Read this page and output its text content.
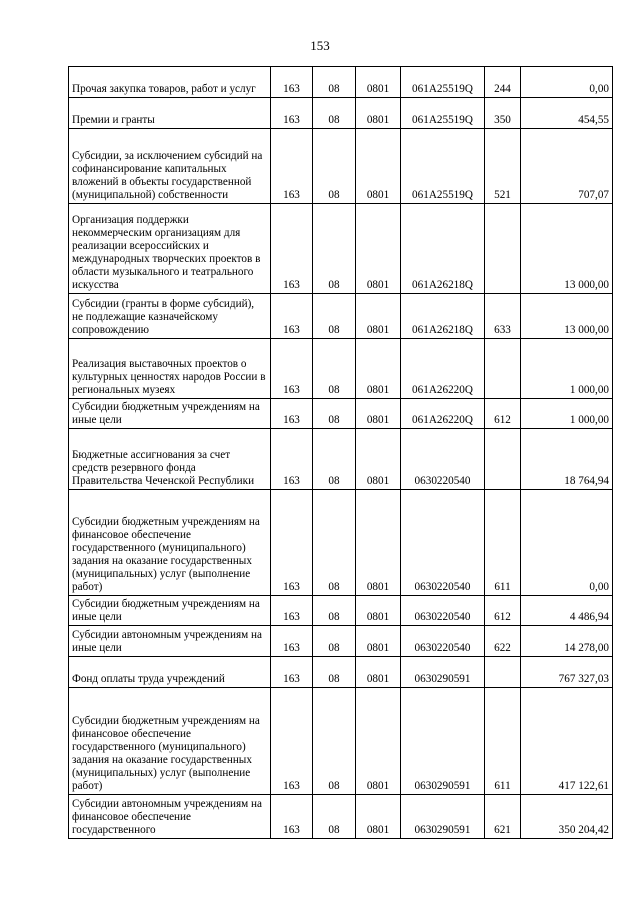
153
Прочая закупка товаров, работ и услуг	163	08	0801	061A25519Q	244	0,00
Премии и гранты	163	08	0801	061A25519Q	350	454,55
Субсидии, за исключением субсидий на софинансирование капитальных вложений в объекты государственной (муниципальной) собственности	163	08	0801	061A25519Q	521	707,07
Организация поддержки некоммерческим организациям для реализации всероссийских и международных творческих проектов в области музыкального и театрального искусства	163	08	0801	061A26218Q		13 000,00
Субсидии (гранты в форме субсидий), не подлежащие казначейскому сопровождению	163	08	0801	061A26218Q	633	13 000,00
Реализация выставочных проектов о культурных ценностях народов России в региональных музеях	163	08	0801	061A26220Q		1 000,00
Субсидии бюджетным учреждениям на иные цели	163	08	0801	061A26220Q	612	1 000,00
Бюджетные ассигнования за счет средств резервного фонда Правительства Чеченской Республики	163	08	0801	0630220540		18 764,94
Субсидии бюджетным учреждениям на финансовое обеспечение государственного (муниципального) задания на оказание государственных (муниципальных) услуг (выполнение работ)	163	08	0801	0630220540	611	0,00
Субсидии бюджетным учреждениям на иные цели	163	08	0801	0630220540	612	4 486,94
Субсидии автономным учреждениям на иные цели	163	08	0801	0630220540	622	14 278,00
Фонд оплаты труда учреждений	163	08	0801	0630290591		767 327,03
Субсидии бюджетным учреждениям на финансовое обеспечение государственного (муниципального) задания на оказание государственных (муниципальных) услуг (выполнение работ)	163	08	0801	0630290591	611	417 122,61
Субсидии автономным учреждениям на финансовое обеспечение государственного	163	08	0801	0630290591	621	350 204,42
